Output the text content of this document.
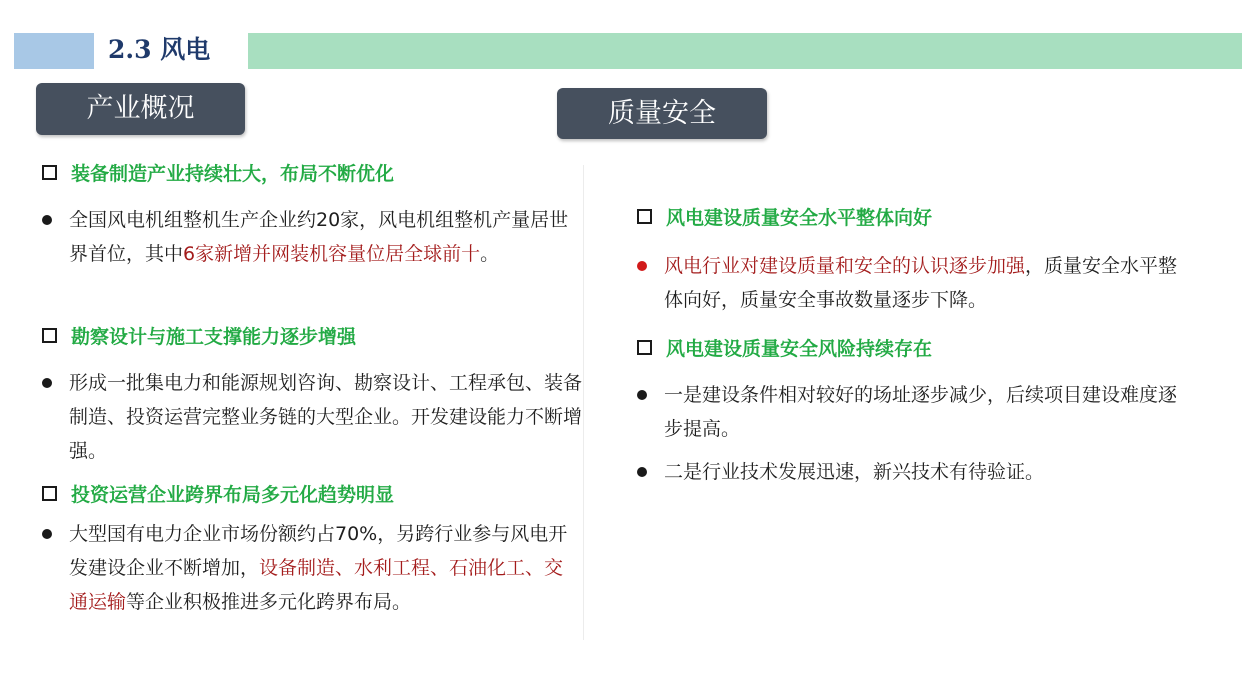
2.3 风电
产业概况	质量安全
装备制造产业持续壮大，布局不断优化
全国风电机组整机生产企业约20家，风电机组整机产量居世界首位，其中6家新增并网装机容量位居全球前十。
勘察设计与施工支撑能力逐步增强
形成一批集电力和能源规划咨询、勘察设计、工程承包、装备制造、投资运营完整业务链的大型企业。开发建设能力不断增强。
投资运营企业跨界布局多元化趋势明显
大型国有电力企业市场份额约占70%，另跨行业参与风电开发建设企业不断增加，设备制造、水利工程、石油化工、交通运输等企业积极推进多元化跨界布局。
风电建设质量安全水平整体向好
风电行业对建设质量和安全的认识逐步加强，质量安全水平整体向好，质量安全事故数量逐步下降。
风电建设质量安全风险持续存在
一是建设条件相对较好的场址逐步减少，后续项目建设难度逐步提高。
二是行业技术发展迅速，新兴技术有待验证。
